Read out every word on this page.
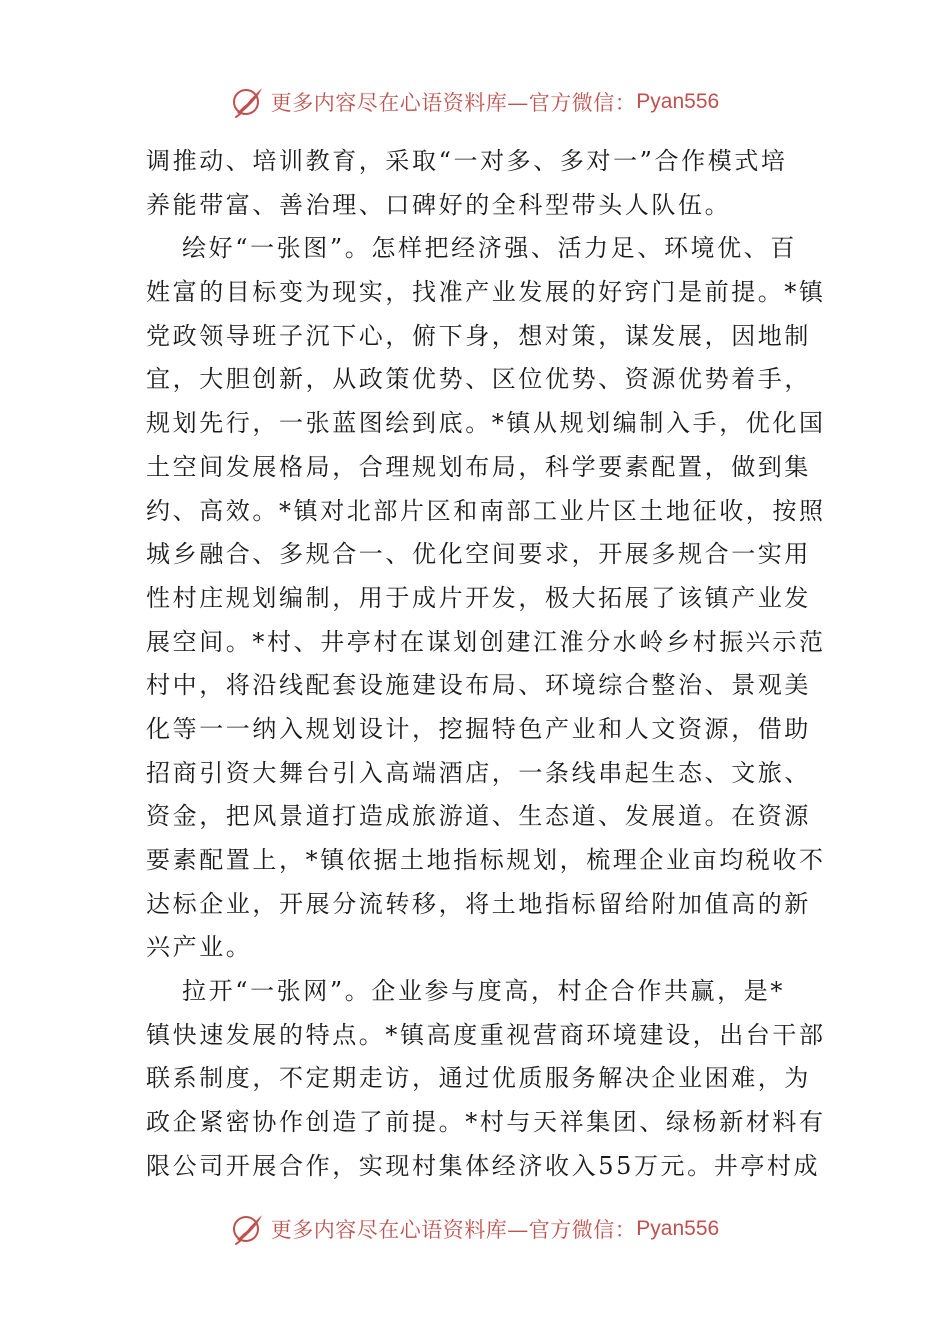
更多内容尽在心语资料库—官方微信： Pyan556
调推动、培训教育，采取“一对多、多对一”合作模式培
养能带富、善治理、口碑好的全科型带头人队伍。
绘好“一张图”。怎样把经济强、活力足、环境优、百
姓富的目标变为现实，找准产业发展的好窍门是前提。*镇
党政领导班子沉下心，俯下身，想对策，谋发展，因地制
宜，大胆创新，从政策优势、区位优势、资源优势着手，
规划先行，一张蓝图绘到底。*镇从规划编制入手，优化国
土空间发展格局，合理规划布局，科学要素配置，做到集
约、高效。*镇对北部片区和南部工业片区土地征收，按照
城乡融合、多规合一、优化空间要求，开展多规合一实用
性村庄规划编制，用于成片开发，极大拓展了该镇产业发
展空间。*村、井亭村在谋划创建江淮分水岭乡村振兴示范
村中，将沿线配套设施建设布局、环境综合整治、景观美
化等一一纳入规划设计，挖掘特色产业和人文资源，借助
招商引资大舞台引入高端酒店，一条线串起生态、文旅、
资金，把风景道打造成旅游道、生态道、发展道。在资源
要素配置上，*镇依据土地指标规划，梳理企业亩均税收不
达标企业，开展分流转移，将土地指标留给附加值高的新
兴产业。
拉开“一张网”。企业参与度高，村企合作共赢，是*
镇快速发展的特点。*镇高度重视营商环境建设，出台干部
联系制度，不定期走访，通过优质服务解决企业困难，为
政企紧密协作创造了前提。*村与天祥集团、绿杨新材料有
限公司开展合作，实现村集体经济收入55万元。井亭村成
更多内容尽在心语资料库—官方微信： Pyan556
